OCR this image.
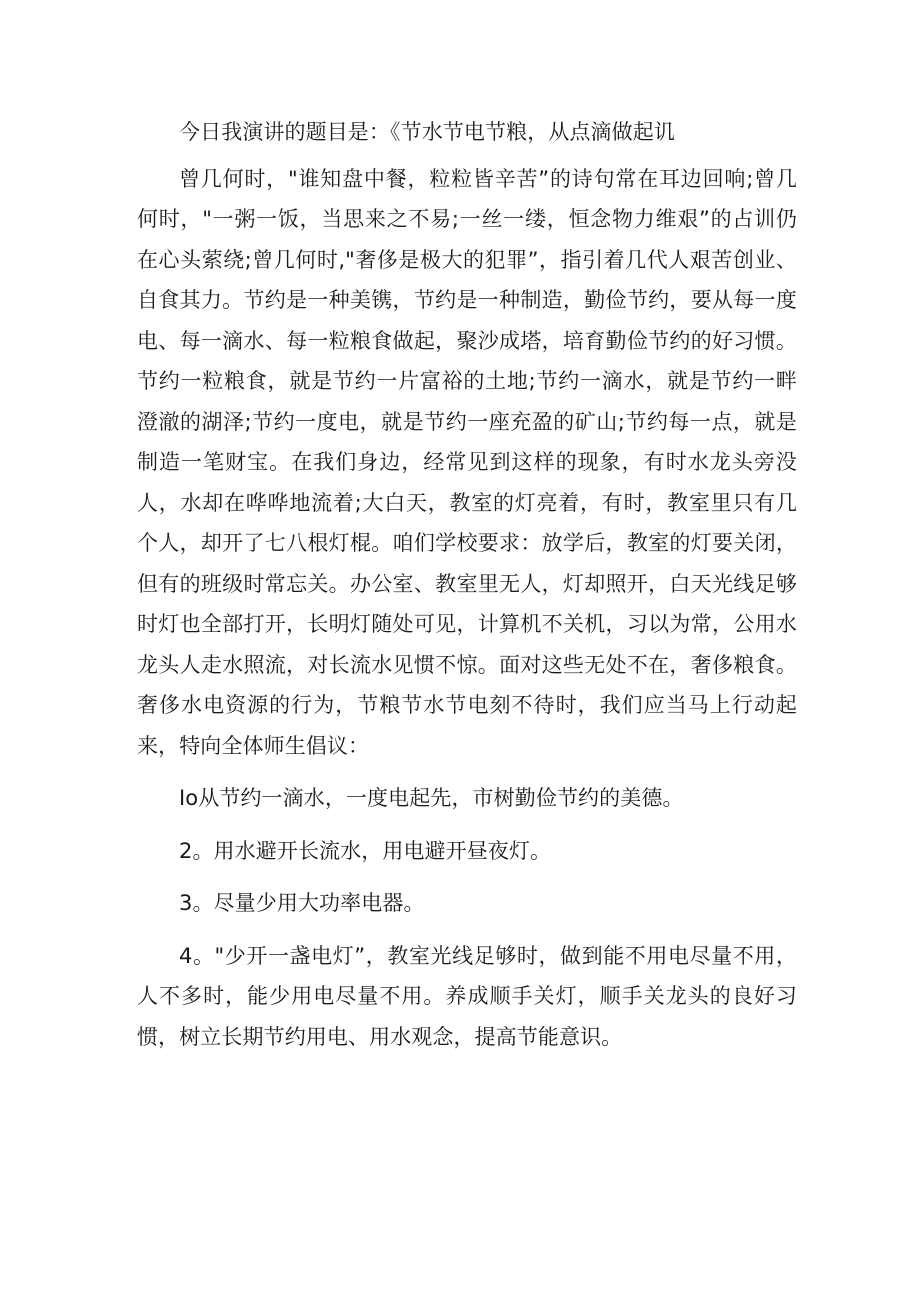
今日我演讲的题目是：《节水节电节粮，从点滴做起讥

曾几何时，"谁知盘中餐，粒粒皆辛苦”的诗句常在耳边回响;曾几何时，"一粥一饭，当思来之不易;一丝一缕，恒念物力维艰”的占训仍在心头萦绕;曾几何时,"奢侈是极大的犯罪”，指引着几代人艰苦创业、自食其力。节约是一种美镌，节约是一种制造，勤俭节约，要从每一度电、每一滴水、每一粒粮食做起，聚沙成塔，培育勤俭节约的好习惯。节约一粒粮食，就是节约一片富裕的土地;节约一滴水，就是节约一畔澄澈的湖泽;节约一度电，就是节约一座充盈的矿山;节约每一点，就是制造一笔财宝。在我们身边，经常见到这样的现象，有时水龙头旁没人，水却在哗哗地流着;大白天，教室的灯亮着，有时，教室里只有几个人，却开了七八根灯棍。咱们学校要求：放学后，教室的灯要关闭，但有的班级时常忘关。办公室、教室里无人，灯却照开，白天光线足够时灯也全部打开，长明灯随处可见，计算机不关机，习以为常，公用水龙头人走水照流，对长流水见惯不惊。面对这些无处不在，奢侈粮食。奢侈水电资源的行为，节粮节水节电刻不待时，我们应当马上行动起来，特向全体师生倡议：

Io从节约一滴水，一度电起先，市树勤俭节约的美德。

2。用水避开长流水，用电避开昼夜灯。

3。尽量少用大功率电器。

4。"少开一盏电灯”，教室光线足够时，做到能不用电尽量不用，人不多时，能少用电尽量不用。养成顺手关灯，顺手关龙头的良好习惯，树立长期节约用电、用水观念，提高节能意识。
